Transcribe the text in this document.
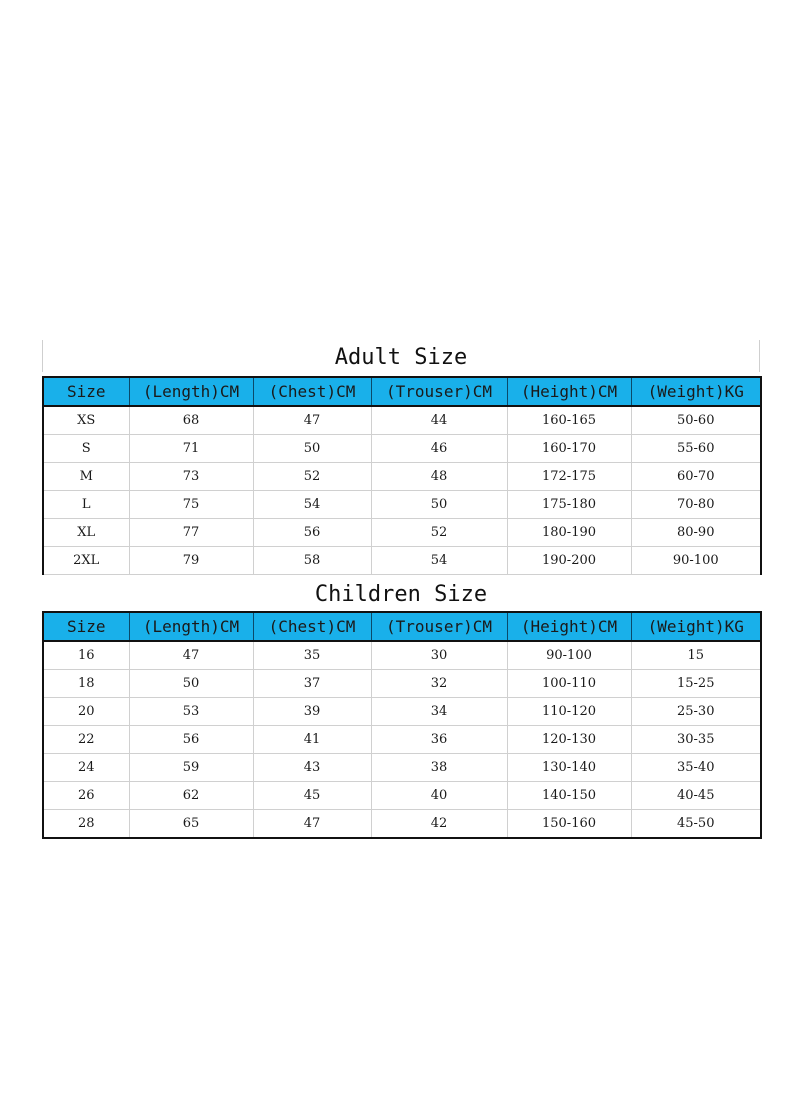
Adult Size
Size	(Length)CM	(Chest)CM	(Trouser)CM	(Height)CM	(Weight)KG
XS	68	47	44	160-165	50-60
S	71	50	46	160-170	55-60
M	73	52	48	172-175	60-70
L	75	54	50	175-180	70-80
XL	77	56	52	180-190	80-90
2XL	79	58	54	190-200	90-100
Children Size
Size	(Length)CM	(Chest)CM	(Trouser)CM	(Height)CM	(Weight)KG
16	47	35	30	90-100	15
18	50	37	32	100-110	15-25
20	53	39	34	110-120	25-30
22	56	41	36	120-130	30-35
24	59	43	38	130-140	35-40
26	62	45	40	140-150	40-45
28	65	47	42	150-160	45-50
